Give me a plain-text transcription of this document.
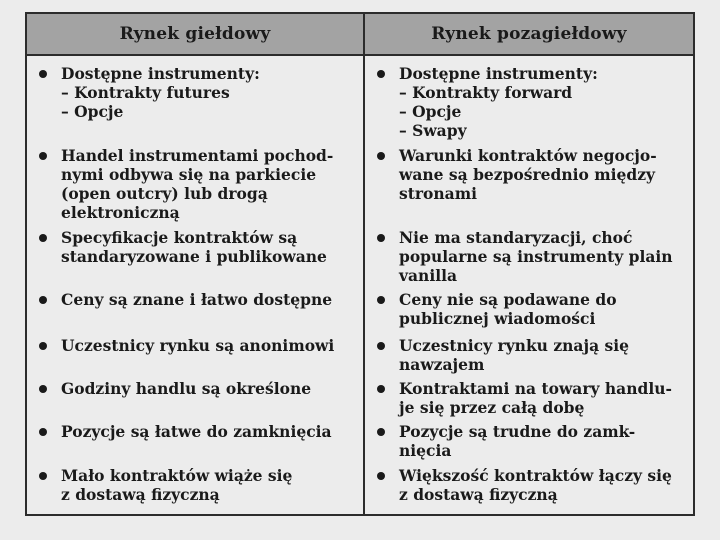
Rynek giełdowy	Rynek pozagiełdowy
Dostępne instrumenty:
– Kontrakty futures
– Opcje
Handel instrumentami pochod-
nymi odbywa się na parkiecie
(open outcry) lub drogą
elektroniczną
Specyfikacje kontraktów są
standaryzowane i publikowane
Ceny są znane i łatwo dostępne
Uczestnicy rynku są anonimowi
Godziny handlu są określone
Pozycje są łatwe do zamknięcia
Mało kontraktów wiąże się
z dostawą fizyczną
Dostępne instrumenty:
– Kontrakty forward
– Opcje
– Swapy
Warunki kontraktów negocjo-
wane są bezpośrednio między
stronami
Nie ma standaryzacji, choć
popularne są instrumenty plain
vanilla
Ceny nie są podawane do
publicznej wiadomości
Uczestnicy rynku znają się
nawzajem
Kontraktami na towary handlu-
je się przez całą dobę
Pozycje są trudne do zamk-
nięcia
Większość kontraktów łączy się
z dostawą fizyczną
